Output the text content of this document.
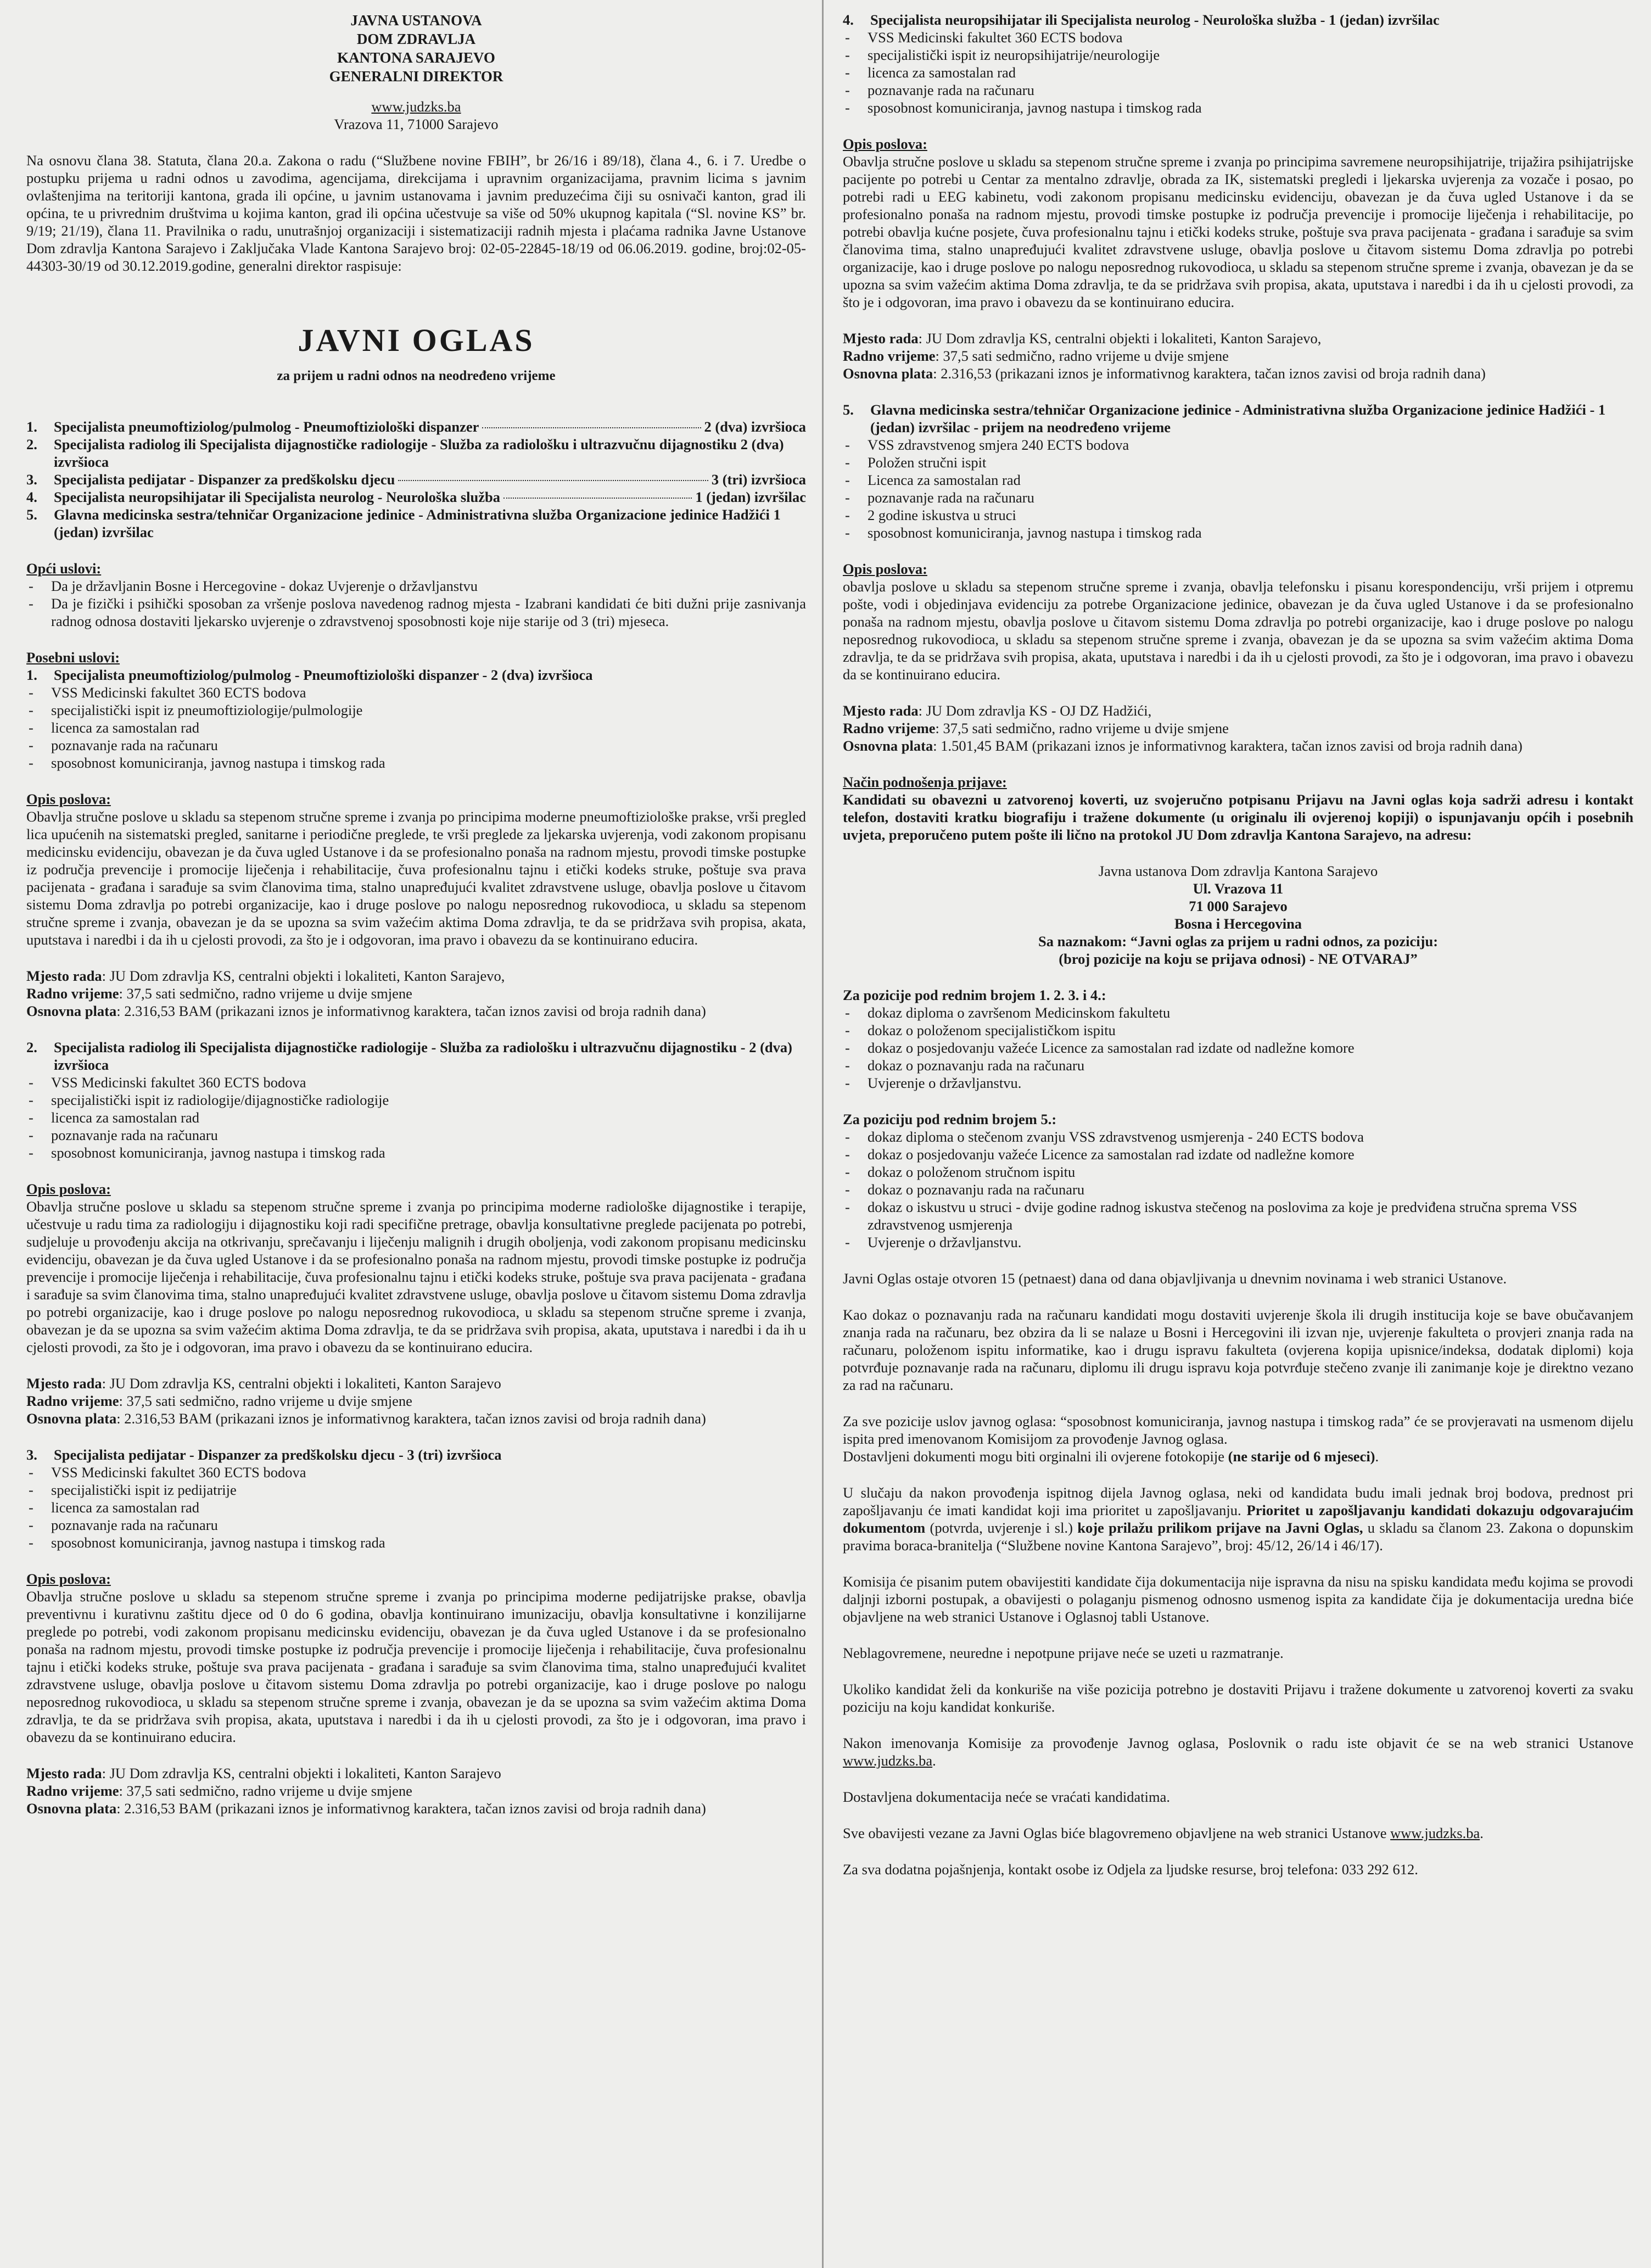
JAVNA USTANOVA

DOM ZDRAVLJA

KANTONA SARAJEVO

GENERALNI DIREKTOR

www.judzks.ba

Vrazova 11, 71000 Sarajevo

Na osnovu člana 38. Statuta, člana 20.a. Zakona o radu (“Službene novine FBIH”, br 26/16 i 89/18), člana 4., 6. i 7. Uredbe o postupku prijema u radni odnos u zavodima, agencijama, direkcijama i upravnim organizacijama, pravnim licima s javnim ovlaštenjima na teritoriji kantona, grada ili općine, u javnim ustanovama i javnim preduzećima čiji su osnivači kanton, grad ili općina, te u privrednim društvima u kojima kanton, grad ili općina učestvuje sa više od 50% ukupnog kapitala (“Sl. novine KS” br. 9/19; 21/19), člana 11. Pravilnika o radu, unutrašnjoj organizaciji i sistematizaciji radnih mjesta i plaćama radnika Javne Ustanove Dom zdravlja Kantona Sarajevo i Zaključaka Vlade Kantona Sarajevo broj: 02-05-22845-18/19 od 06.06.2019. godine, broj:02-05-44303-30/19 od 30.12.2019.godine, generalni direktor raspisuje:

JAVNI OGLAS
za prijem u radni odnos na neodređeno vrijeme
1.	Specijalista pneumoftiziolog/pulmolog - Pneumoftiziološki dispanzer	2 (dva) izvršioca
2.	Specijalista radiolog ili Specijalista dijagnostičke radiologije - Služba za radiološku i ultrazvučnu dijagnostiku 2 (dva) izvršioca
3.	Specijalista pedijatar - Dispanzer za predškolsku djecu	3 (tri) izvršioca
4.	Specijalista neuropsihijatar ili Specijalista neurolog - Neurološka služba	1 (jedan) izvršilac
5.	Glavna medicinska sestra/tehničar Organizacione jedinice - Administrativna služba Organizacione jedinice Hadžići 1 (jedan) izvršilac

Opći uslovi:

- Da je državljanin Bosne i Hercegovine - dokaz Uvjerenje o državljanstvu
- Da je fizički i psihički sposoban za vršenje poslova navedenog radnog mjesta - Izabrani kandidati će biti dužni prije zasnivanja radnog odnosa dostaviti ljekarsko uvjerenje o zdravstvenoj sposobnosti koje nije starije od 3 (tri) mjeseca.

Posebni uslovi:

1.	Specijalista pneumoftiziolog/pulmolog - Pneumoftiziološki dispanzer - 2 (dva) izvršioca
- VSS Medicinski fakultet 360 ECTS bodova
- specijalistički ispit iz pneumoftiziologije/pulmologije
- licenca za samostalan rad
- poznavanje rada na računaru
- sposobnost komuniciranja, javnog nastupa i timskog rada

Opis poslova:

Obavlja stručne poslove u skladu sa stepenom stručne spreme i zvanja po principima moderne pneumoftiziološke prakse, vrši pregled lica upućenih na sistematski pregled, sanitarne i periodične preglede, te vrši preglede za ljekarska uvjerenja, vodi zakonom propisanu medicinsku evidenciju, obavezan je da čuva ugled Ustanove i da se profesionalno ponaša na radnom mjestu, provodi timske postupke iz područja prevencije i promocije liječenja i rehabilitacije, čuva profesionalnu tajnu i etički kodeks struke, poštuje sva prava pacijenata - građana i sarađuje sa svim članovima tima, stalno unapređujući kvalitet zdravstvene usluge, obavlja poslove u čitavom sistemu Doma zdravlja po potrebi organizacije, kao i druge poslove po nalogu neposrednog rukovodioca, u skladu sa stepenom stručne spreme i zvanja, obavezan je da se upozna sa svim važećim aktima Doma zdravlja, te da se pridržava svih propisa, akata, uputstava i naredbi i da ih u cjelosti provodi, za što je i odgovoran, ima pravo i obavezu da se kontinuirano educira.

Mjesto rada: JU Dom zdravlja KS, centralni objekti i lokaliteti, Kanton Sarajevo,

Radno vrijeme: 37,5 sati sedmično, radno vrijeme u dvije smjene

Osnovna plata: 2.316,53 BAM (prikazani iznos je informativnog karaktera, tačan iznos zavisi od broja radnih dana)

2.	Specijalista radiolog ili Specijalista dijagnostičke radiologije - Služba za radiološku i ultrazvučnu dijagnostiku - 2 (dva) izvršioca
- VSS Medicinski fakultet 360 ECTS bodova
- specijalistički ispit iz radiologije/dijagnostičke radiologije
- licenca za samostalan rad
- poznavanje rada na računaru
- sposobnost komuniciranja, javnog nastupa i timskog rada

Opis poslova:

Obavlja stručne poslove u skladu sa stepenom stručne spreme i zvanja po principima moderne radiološke dijagnostike i terapije, učestvuje u radu tima za radiologiju i dijagnostiku koji radi specifične pretrage, obavlja konsultativne preglede pacijenata po potrebi, sudjeluje u provođenju akcija na otkrivanju, sprečavanju i liječenju malignih i drugih oboljenja, vodi zakonom propisanu medicinsku evidenciju, obavezan je da čuva ugled Ustanove i da se profesionalno ponaša na radnom mjestu, provodi timske postupke iz područja prevencije i promocije liječenja i rehabilitacije, čuva profesionalnu tajnu i etički kodeks struke, poštuje sva prava pacijenata - građana i sarađuje sa svim članovima tima, stalno unapređujući kvalitet zdravstvene usluge, obavlja poslove u čitavom sistemu Doma zdravlja po potrebi organizacije, kao i druge poslove po nalogu neposrednog rukovodioca, u skladu sa stepenom stručne spreme i zvanja, obavezan je da se upozna sa svim važećim aktima Doma zdravlja, te da se pridržava svih propisa, akata, uputstava i naredbi i da ih u cjelosti provodi, za što je i odgovoran, ima pravo i obavezu da se kontinuirano educira.

Mjesto rada: JU Dom zdravlja KS, centralni objekti i lokaliteti, Kanton Sarajevo

Radno vrijeme: 37,5 sati sedmično, radno vrijeme u dvije smjene

Osnovna plata: 2.316,53 BAM (prikazani iznos je informativnog karaktera, tačan iznos zavisi od broja radnih dana)

3.	Specijalista pedijatar - Dispanzer za predškolsku djecu - 3 (tri) izvršioca
- VSS Medicinski fakultet 360 ECTS bodova
- specijalistički ispit iz pedijatrije
- licenca za samostalan rad
- poznavanje rada na računaru
- sposobnost komuniciranja, javnog nastupa i timskog rada

Opis poslova:

Obavlja stručne poslove u skladu sa stepenom stručne spreme i zvanja po principima moderne pedijatrijske prakse, obavlja preventivnu i kurativnu zaštitu djece od 0 do 6 godina, obavlja kontinuirano imunizaciju, obavlja konsultativne i konzilijarne preglede po potrebi, vodi zakonom propisanu medicinsku evidenciju, obavezan je da čuva ugled Ustanove i da se profesionalno ponaša na radnom mjestu, provodi timske postupke iz područja prevencije i promocije liječenja i rehabilitacije, čuva profesionalnu tajnu i etički kodeks struke, poštuje sva prava pacijenata - građana i sarađuje sa svim članovima tima, stalno unapređujući kvalitet zdravstvene usluge, obavlja poslove u čitavom sistemu Doma zdravlja po potrebi organizacije, kao i druge poslove po nalogu neposrednog rukovodioca, u skladu sa stepenom stručne spreme i zvanja, obavezan je da se upozna sa svim važećim aktima Doma zdravlja, te da se pridržava svih propisa, akata, uputstava i naredbi i da ih u cjelosti provodi, za što je i odgovoran, ima pravo i obavezu da se kontinuirano educira.

Mjesto rada: JU Dom zdravlja KS, centralni objekti i lokaliteti, Kanton Sarajevo

Radno vrijeme: 37,5 sati sedmično, radno vrijeme u dvije smjene

Osnovna plata: 2.316,53 BAM (prikazani iznos je informativnog karaktera, tačan iznos zavisi od broja radnih dana)

4.	Specijalista neuropsihijatar ili Specijalista neurolog - Neurološka služba - 1 (jedan) izvršilac
- VSS Medicinski fakultet 360 ECTS bodova
- specijalistički ispit iz neuropsihijatrije/neurologije
- licenca za samostalan rad
- poznavanje rada na računaru
- sposobnost komuniciranja, javnog nastupa i timskog rada

Opis poslova:

Obavlja stručne poslove u skladu sa stepenom stručne spreme i zvanja po principima savremene neuropsihijatrije, trijažira psihijatrijske pacijente po potrebi u Centar za mentalno zdravlje, obrada za IK, sistematski pregledi i ljekarska uvjerenja za vozače i posao, po potrebi radi u EEG kabinetu, vodi zakonom propisanu medicinsku evidenciju, obavezan je da čuva ugled Ustanove i da se profesionalno ponaša na radnom mjestu, provodi timske postupke iz područja prevencije i promocije liječenja i rehabilitacije, po potrebi obavlja kućne posjete, čuva profesionalnu tajnu i etički kodeks struke, poštuje sva prava pacijenata - građana i sarađuje sa svim članovima tima, stalno unapređujući kvalitet zdravstvene usluge, obavlja poslove u čitavom sistemu Doma zdravlja po potrebi organizacije, kao i druge poslove po nalogu neposrednog rukovodioca, u skladu sa stepenom stručne spreme i zvanja, obavezan je da se upozna sa svim važećim aktima Doma zdravlja, te da se pridržava svih propisa, akata, uputstava i naredbi i da ih u cjelosti provodi, za što je i odgovoran, ima pravo i obavezu da se kontinuirano educira.

Mjesto rada: JU Dom zdravlja KS, centralni objekti i lokaliteti, Kanton Sarajevo,

Radno vrijeme: 37,5 sati sedmično, radno vrijeme u dvije smjene

Osnovna plata: 2.316,53 (prikazani iznos je informativnog karaktera, tačan iznos zavisi od broja radnih dana)

5.	Glavna medicinska sestra/tehničar Organizacione jedinice - Administrativna služba Organizacione jedinice Hadžići - 1 (jedan) izvršilac - prijem na neodređeno vrijeme
- VSS zdravstvenog smjera 240 ECTS bodova
- Položen stručni ispit
- Licenca za samostalan rad
- poznavanje rada na računaru
- 2 godine iskustva u struci
- sposobnost komuniciranja, javnog nastupa i timskog rada

Opis poslova:

obavlja poslove u skladu sa stepenom stručne spreme i zvanja, obavlja telefonsku i pisanu korespondenciju, vrši prijem i otpremu pošte, vodi i objedinjava evidenciju za potrebe Organizacione jedinice, obavezan je da čuva ugled Ustanove i da se profesionalno ponaša na radnom mjestu, obavlja poslove u čitavom sistemu Doma zdravlja po potrebi organizacije, kao i druge poslove po nalogu neposrednog rukovodioca, u skladu sa stepenom stručne spreme i zvanja, obavezan je da se upozna sa svim važećim aktima Doma zdravlja, te da se pridržava svih propisa, akata, uputstava i naredbi i da ih u cjelosti provodi, za što je i odgovoran, ima pravo i obavezu da se kontinuirano educira.

Mjesto rada: JU Dom zdravlja KS - OJ DZ Hadžići,

Radno vrijeme: 37,5 sati sedmično, radno vrijeme u dvije smjene

Osnovna plata: 1.501,45 BAM (prikazani iznos je informativnog karaktera, tačan iznos zavisi od broja radnih dana)

Način podnošenja prijave:

Kandidati su obavezni u zatvorenoj koverti, uz svojeručno potpisanu Prijavu na Javni oglas koja sadrži adresu i kontakt telefon, dostaviti kratku biografiju i tražene dokumente (u originalu ili ovjerenoj kopiji) o ispunjavanju općih i posebnih uvjeta, preporučeno putem pošte ili lično na protokol JU Dom zdravlja Kantona Sarajevo, na adresu:

Javna ustanova Dom zdravlja Kantona Sarajevo
Ul. Vrazova 11
71 000 Sarajevo
Bosna i Hercegovina
Sa naznakom: “Javni oglas za prijem u radni odnos, za poziciju:
(broj pozicije na koju se prijava odnosi) - NE OTVARAJ”

Za pozicije pod rednim brojem 1. 2. 3. i 4.:

- dokaz diploma o završenom Medicinskom fakultetu
- dokaz o položenom specijalističkom ispitu
- dokaz o posjedovanju važeće Licence za samostalan rad izdate od nadležne komore
- dokaz o poznavanju rada na računaru
- Uvjerenje o državljanstvu.

Za poziciju pod rednim brojem 5.:

- dokaz diploma o stečenom zvanju VSS zdravstvenog usmjerenja - 240 ECTS bodova
- dokaz o posjedovanju važeće Licence za samostalan rad izdate od nadležne komore
- dokaz o položenom stručnom ispitu
- dokaz o poznavanju rada na računaru
- dokaz o iskustvu u struci - dvije godine radnog iskustva stečenog na poslovima za koje je predviđena stručna sprema VSS zdravstvenog usmjerenja
- Uvjerenje o državljanstvu.

Javni Oglas ostaje otvoren 15 (petnaest) dana od dana objavljivanja u dnevnim novinama i web stranici Ustanove.

Kao dokaz o poznavanju rada na računaru kandidati mogu dostaviti uvjerenje škola ili drugih institucija koje se bave obučavanjem znanja rada na računaru, bez obzira da li se nalaze u Bosni i Hercegovini ili izvan nje, uvjerenje fakulteta o provjeri znanja rada na računaru, položenom ispitu informatike, kao i drugu ispravu fakulteta (ovjerena kopija upisnice/indeksa, dodatak diplomi) koja potvrđuje poznavanje rada na računaru, diplomu ili drugu ispravu koja potvrđuje stečeno zvanje ili zanimanje koje je direktno vezano za rad na računaru.

Za sve pozicije uslov javnog oglasa: “sposobnost komuniciranja, javnog nastupa i timskog rada” će se provjeravati na usmenom dijelu ispita pred imenovanom Komisijom za provođenje Javnog oglasa.

Dostavljeni dokumenti mogu biti orginalni ili ovjerene fotokopije (ne starije od 6 mjeseci).

U slučaju da nakon provođenja ispitnog dijela Javnog oglasa, neki od kandidata budu imali jednak broj bodova, prednost pri zapošljavanju će imati kandidat koji ima prioritet u zapošljavanju. Prioritet u zapošljavanju kandidati dokazuju odgovarajućim dokumentom (potvrda, uvjerenje i sl.) koje prilažu prilikom prijave na Javni Oglas, u skladu sa članom 23. Zakona o dopunskim pravima boraca-branitelja (“Službene novine Kantona Sarajevo”, broj: 45/12, 26/14 i 46/17).

Komisija će pisanim putem obavijestiti kandidate čija dokumentacija nije ispravna da nisu na spisku kandidata među kojima se provodi daljnji izborni postupak, a obavijesti o polaganju pismenog odnosno usmenog ispita za kandidate čija je dokumentacija uredna biće objavljene na web stranici Ustanove i Oglasnoj tabli Ustanove.

Neblagovremene, neuredne i nepotpune prijave neće se uzeti u razmatranje.

Ukoliko kandidat želi da konkuriše na više pozicija potrebno je dostaviti Prijavu i tražene dokumente u zatvorenoj koverti za svaku poziciju na koju kandidat konkuriše.

Nakon imenovanja Komisije za provođenje Javnog oglasa, Poslovnik o radu iste objavit će se na web stranici Ustanove www.judzks.ba.

Dostavljena dokumentacija neće se vraćati kandidatima.

Sve obavijesti vezane za Javni Oglas biće blagovremeno objavljene na web stranici Ustanove www.judzks.ba.

Za sva dodatna pojašnjenja, kontakt osobe iz Odjela za ljudske resurse, broj telefona: 033 292 612.
